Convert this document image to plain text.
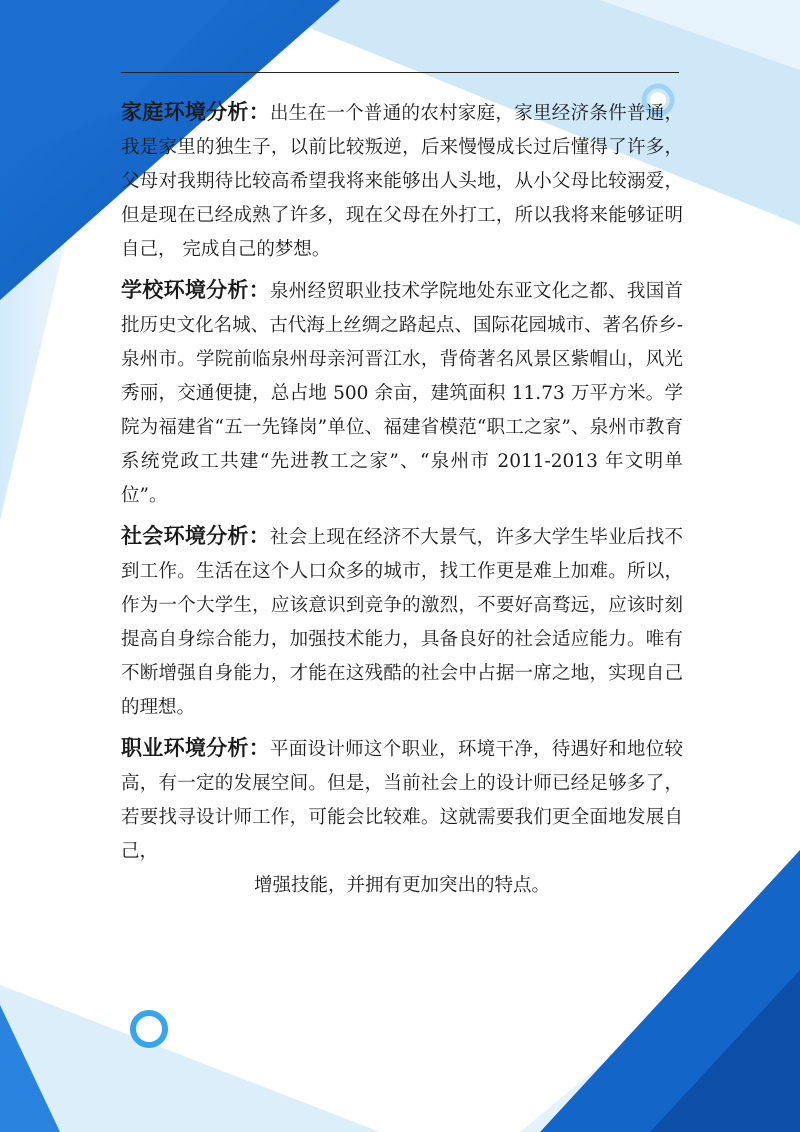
家庭环境分析：出生在一个普通的农村家庭，家里经济条件普通，我是家里的独生子，以前比较叛逆，后来慢慢成长过后懂得了许多，父母对我期待比较高希望我将来能够出人头地，从小父母比较溺爱，但是现在已经成熟了许多，现在父母在外打工，所以我将来能够证明自己， 完成自己的梦想。

学校环境分析：泉州经贸职业技术学院地处东亚文化之都、我国首批历史文化名城、古代海上丝绸之路起点、国际花园城市、著名侨乡-泉州市。学院前临泉州母亲河晋江水，背倚著名风景区紫帽山，风光秀丽，交通便捷，总占地 500 余亩，建筑面积 11.73 万平方米。学院为福建省“五一先锋岗”单位、福建省模范“职工之家”、泉州市教育系统党政工共建“先进教工之家”、“泉州市 2011-2013 年文明单位”。

社会环境分析：社会上现在经济不大景气，许多大学生毕业后找不到工作。生活在这个人口众多的城市，找工作更是难上加难。所以，作为一个大学生，应该意识到竞争的激烈，不要好高骛远，应该时刻提高自身综合能力，加强技术能力，具备良好的社会适应能力。唯有不断增强自身能力，才能在这残酷的社会中占据一席之地，实现自己的理想。

职业环境分析：平面设计师这个职业，环境干净，待遇好和地位较高，有一定的发展空间。但是，当前社会上的设计师已经足够多了，若要找寻设计师工作，可能会比较难。这就需要我们更全面地发展自己，

增强技能，并拥有更加突出的特点。
